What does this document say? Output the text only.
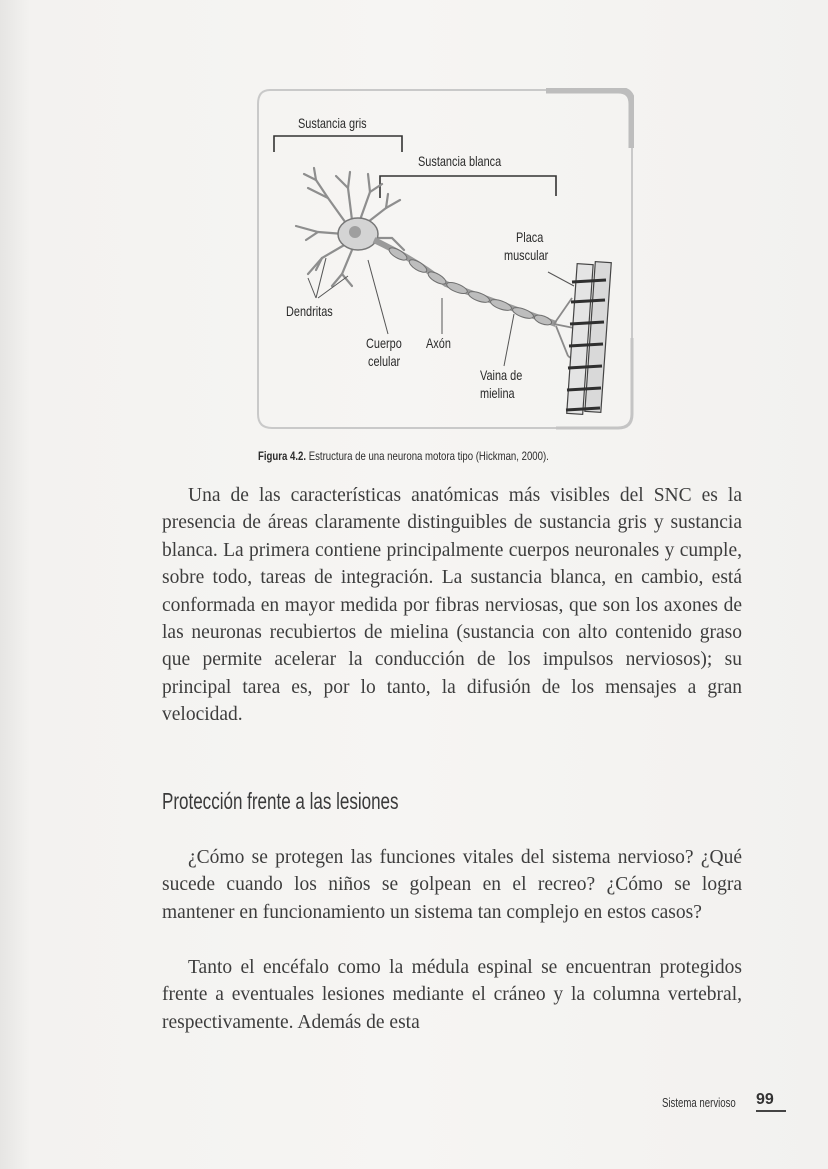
Sustancia gris
Sustancia blanca
Placa
muscular
Dendritas
Cuerpo
celular
Axón
Vaina de
mielina
Figura 4.2. Estructura de una neurona motora tipo (Hickman, 2000).

Una de las características anatómicas más visibles del SNC es la presencia de áreas claramente distinguibles de sustancia gris y sustancia blanca. La primera contiene principalmente cuerpos neuronales y cumple, sobre todo, tareas de integración. La sustancia blanca, en cambio, está conformada en mayor medida por fibras nerviosas, que son los axones de las neuronas recubiertos de mielina (sustancia con alto contenido graso que permite acelerar la conducción de los impulsos nerviosos); su principal tarea es, por lo tanto, la difusión de los mensajes a gran velocidad.

Protección frente a las lesiones

¿Cómo se protegen las funciones vitales del sistema nervioso? ¿Qué sucede cuando los niños se golpean en el recreo? ¿Cómo se logra mantener en funcionamiento un sistema tan complejo en estos casos?

Tanto el encéfalo como la médula espinal se encuentran protegidos frente a eventuales lesiones mediante el cráneo y la columna vertebral, respectivamente. Además de esta

Sistema nervioso 99
